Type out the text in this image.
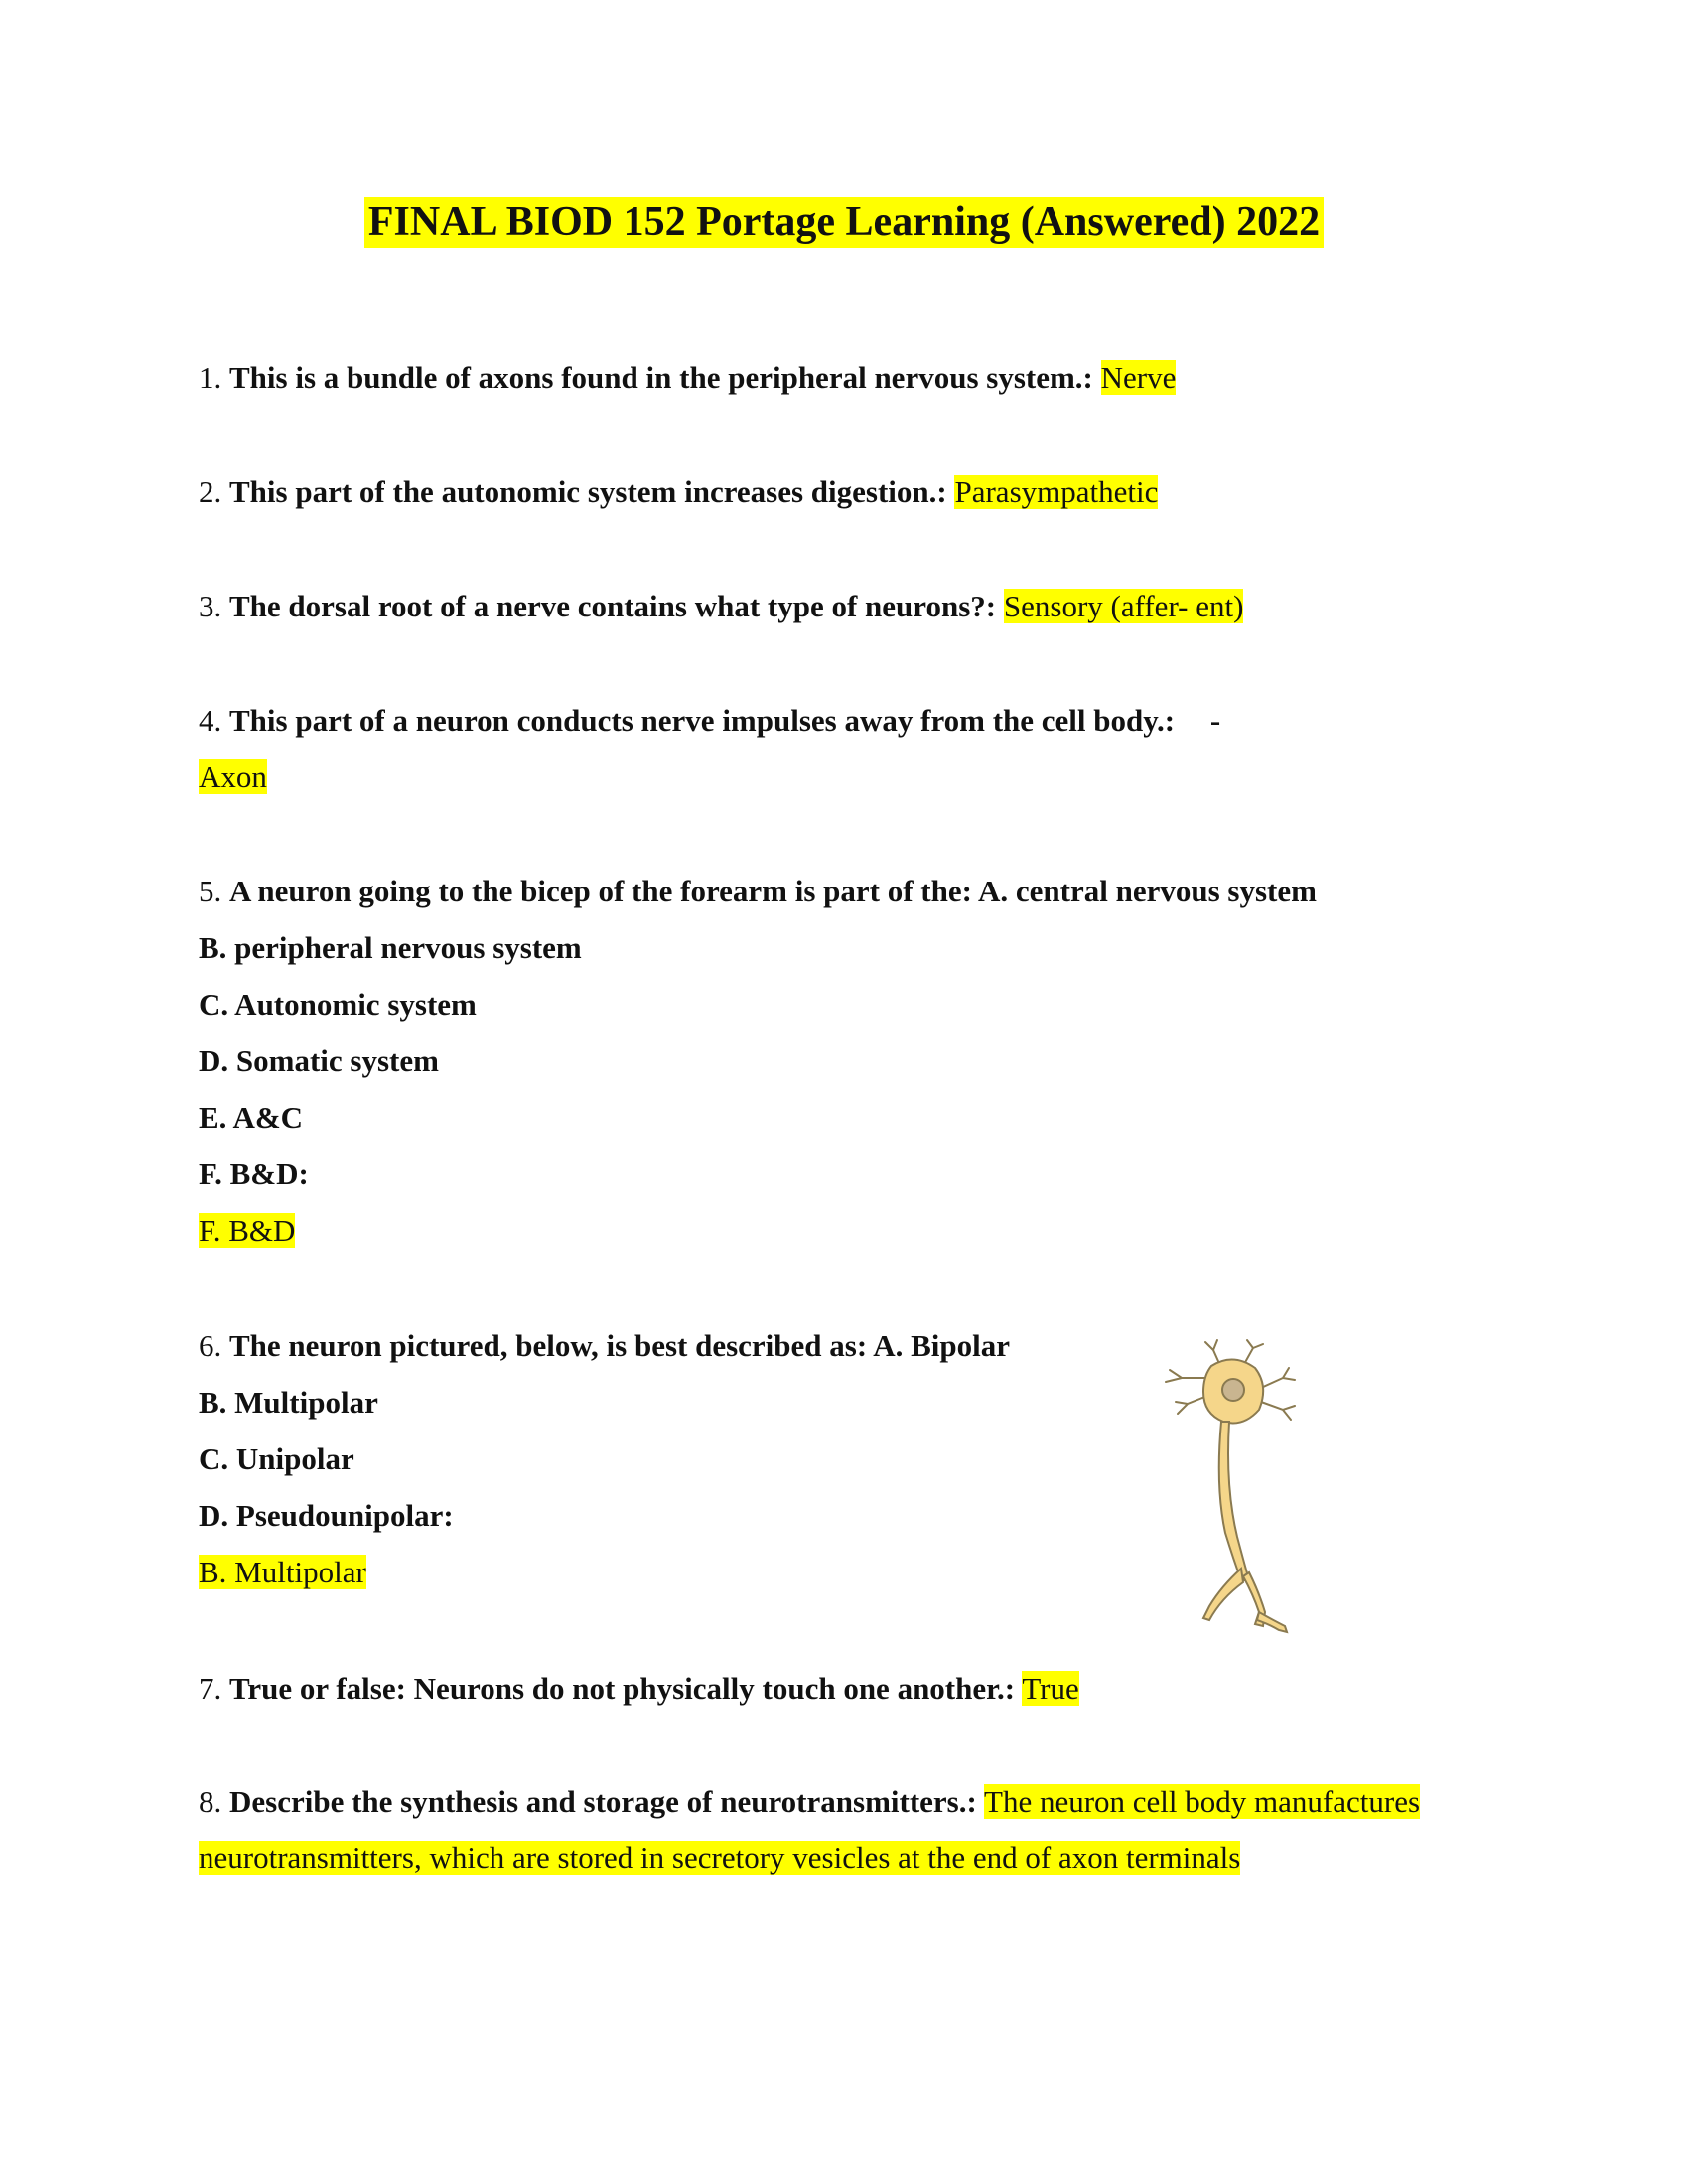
FINAL BIOD 152 Portage Learning (Answered) 2022
1. This is a bundle of axons found in the peripheral nervous system.: Nerve
2. This part of the autonomic system increases digestion.: Parasympathetic
3. The dorsal root of a nerve contains what type of neurons?: Sensory (affer- ent)
4. This part of a neuron conducts nerve impulses away from the cell body.: -
Axon
5. A neuron going to the bicep of the forearm is part of the: A. central nervous system
B. peripheral nervous system
C. Autonomic system
D. Somatic system
E. A&C
F. B&D:
F. B&D
6. The neuron pictured, below, is best described as: A. Bipolar
B. Multipolar
C. Unipolar
D. Pseudounipolar:
B. Multipolar
7. True or false: Neurons do not physically touch one another.: True
8. Describe the synthesis and storage of neurotransmitters.: The neuron cell body manufactures
neurotransmitters, which are stored in secretory vesicles at the end of axon terminals
